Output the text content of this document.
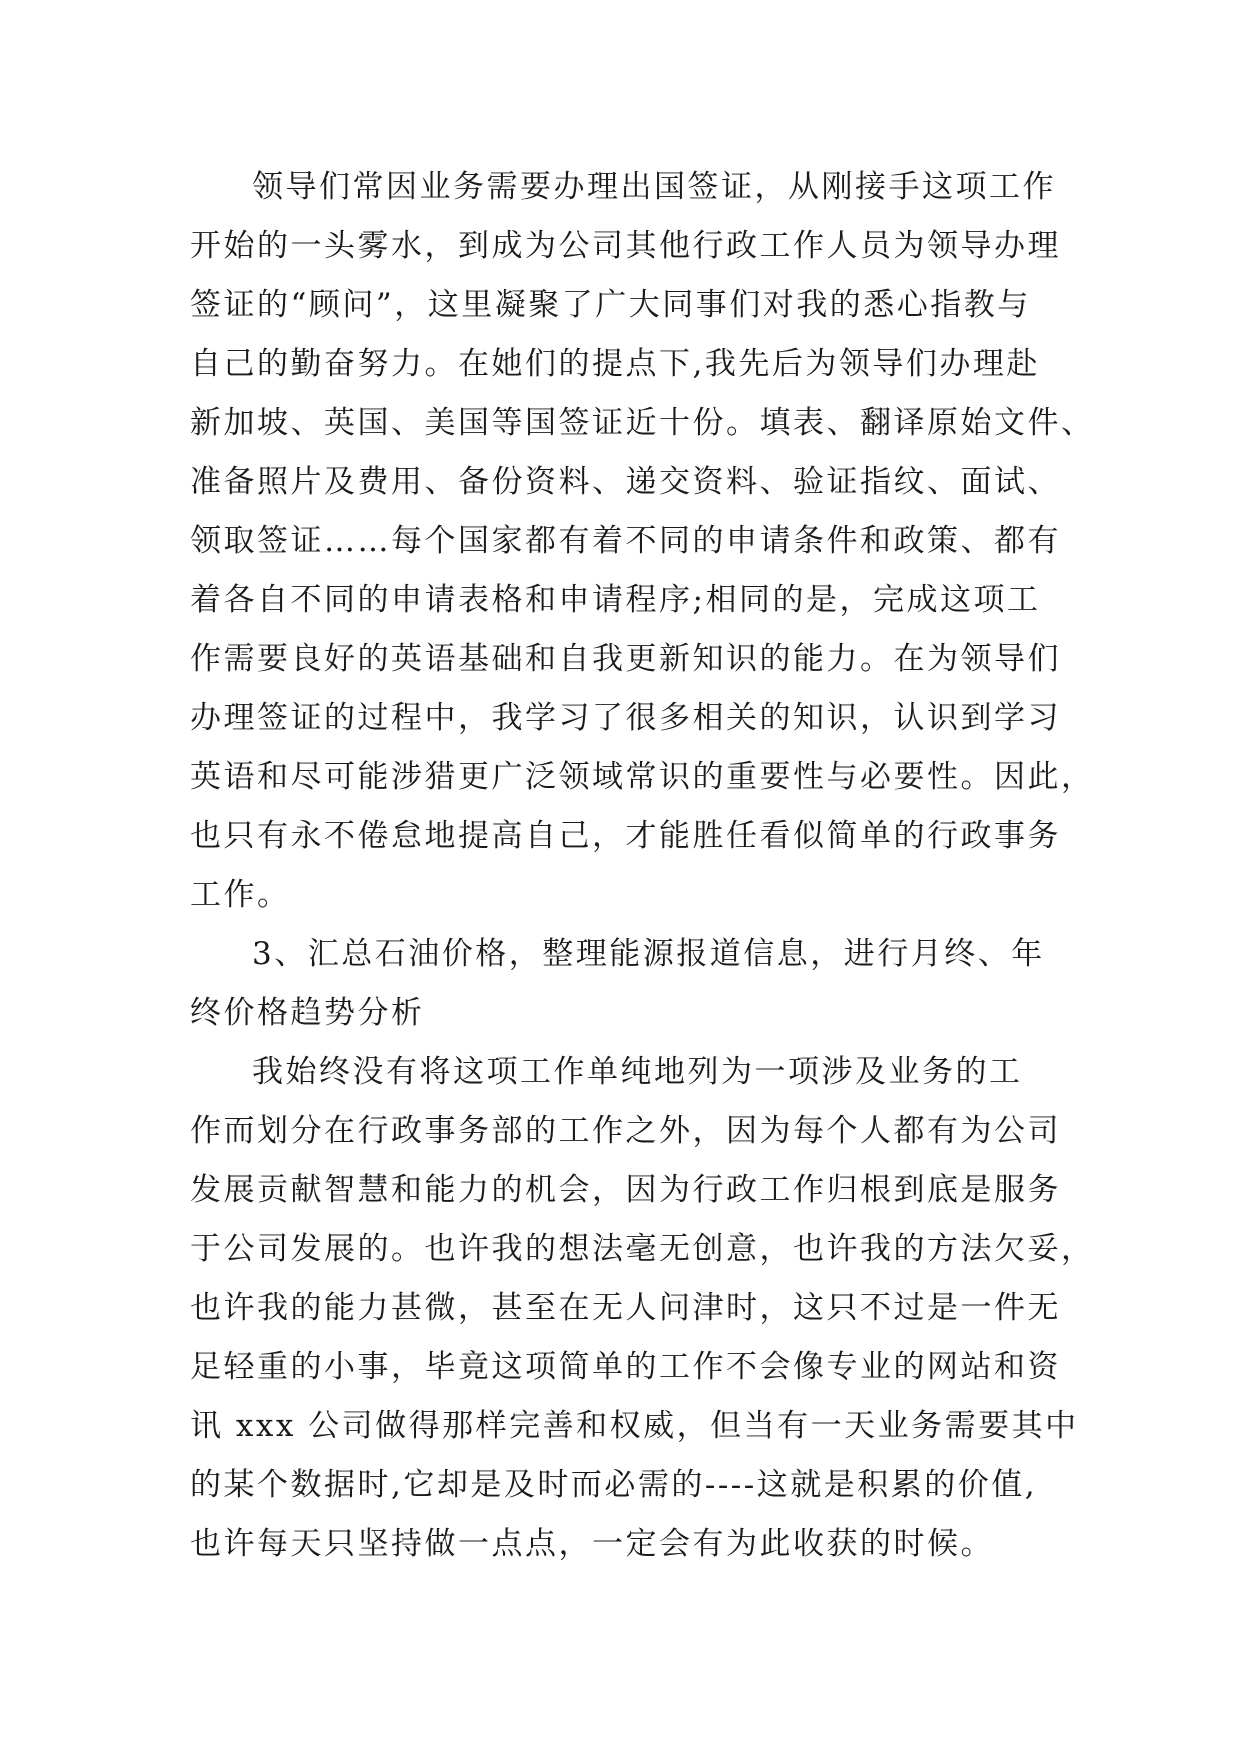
领导们常因业务需要办理出国签证，从刚接手这项工作
开始的一头雾水，到成为公司其他行政工作人员为领导办理
签证的“顾问”，这里凝聚了广大同事们对我的悉心指教与
自己的勤奋努力。在她们的提点下,我先后为领导们办理赴
新加坡、英国、美国等国签证近十份。填表、翻译原始文件、
准备照片及费用、备份资料、递交资料、验证指纹、面试、
领取签证……每个国家都有着不同的申请条件和政策、都有
着各自不同的申请表格和申请程序;相同的是，完成这项工
作需要良好的英语基础和自我更新知识的能力。在为领导们
办理签证的过程中，我学习了很多相关的知识，认识到学习
英语和尽可能涉猎更广泛领域常识的重要性与必要性。因此，
也只有永不倦怠地提高自己，才能胜任看似简单的行政事务
工作。
3、汇总石油价格，整理能源报道信息，进行月终、年
终价格趋势分析
我始终没有将这项工作单纯地列为一项涉及业务的工
作而划分在行政事务部的工作之外，因为每个人都有为公司
发展贡献智慧和能力的机会，因为行政工作归根到底是服务
于公司发展的。也许我的想法毫无创意，也许我的方法欠妥，
也许我的能力甚微，甚至在无人问津时，这只不过是一件无
足轻重的小事，毕竟这项简单的工作不会像专业的网站和资
讯 xxx 公司做得那样完善和权威，但当有一天业务需要其中
的某个数据时,它却是及时而必需的----这就是积累的价值,
也许每天只坚持做一点点，一定会有为此收获的时候。
